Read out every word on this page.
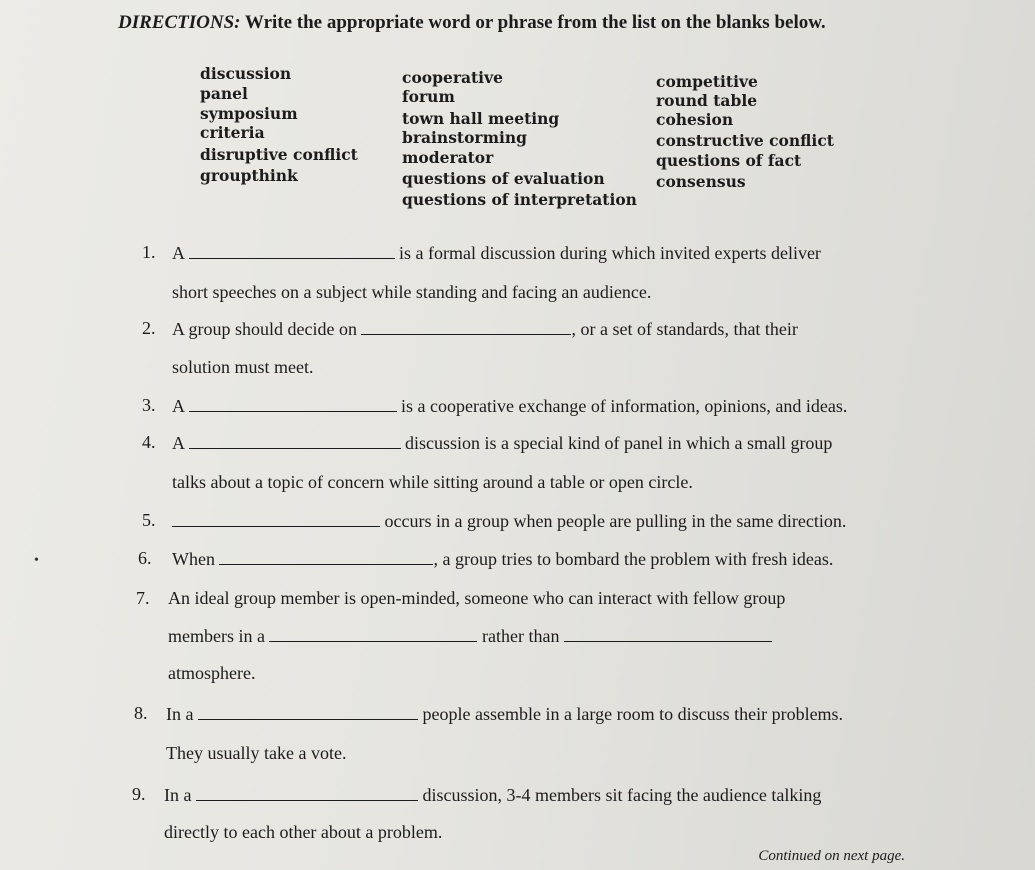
DIRECTIONS: Write the appropriate word or phrase from the list on the blanks below.
discussion
panel
symposium
criteria
disruptive conflict
groupthink
cooperative
forum
town hall meeting
brainstorming
moderator
questions of evaluation
questions of interpretation
competitive
round table
cohesion
constructive conflict
questions of fact
consensus
1. A	is a formal discussion during which invited experts deliver
short speeches on a subject while standing and facing an audience.
2. A group should decide on	, or a set of standards, that their
solution must meet.
3. A	is a cooperative exchange of information, opinions, and ideas.
4. A	discussion is a special kind of panel in which a small group
talks about a topic of concern while sitting around a table or open circle.
5.	occurs in a group when people are pulling in the same direction.
•	6. When	, a group tries to bombard the problem with fresh ideas.
7. An ideal group member is open-minded, someone who can interact with fellow group
members in a	rather than
atmosphere.
8. In a	people assemble in a large room to discuss their problems.
They usually take a vote.
9. In a	discussion, 3-4 members sit facing the audience talking
directly to each other about a problem.
Continued on next page.
